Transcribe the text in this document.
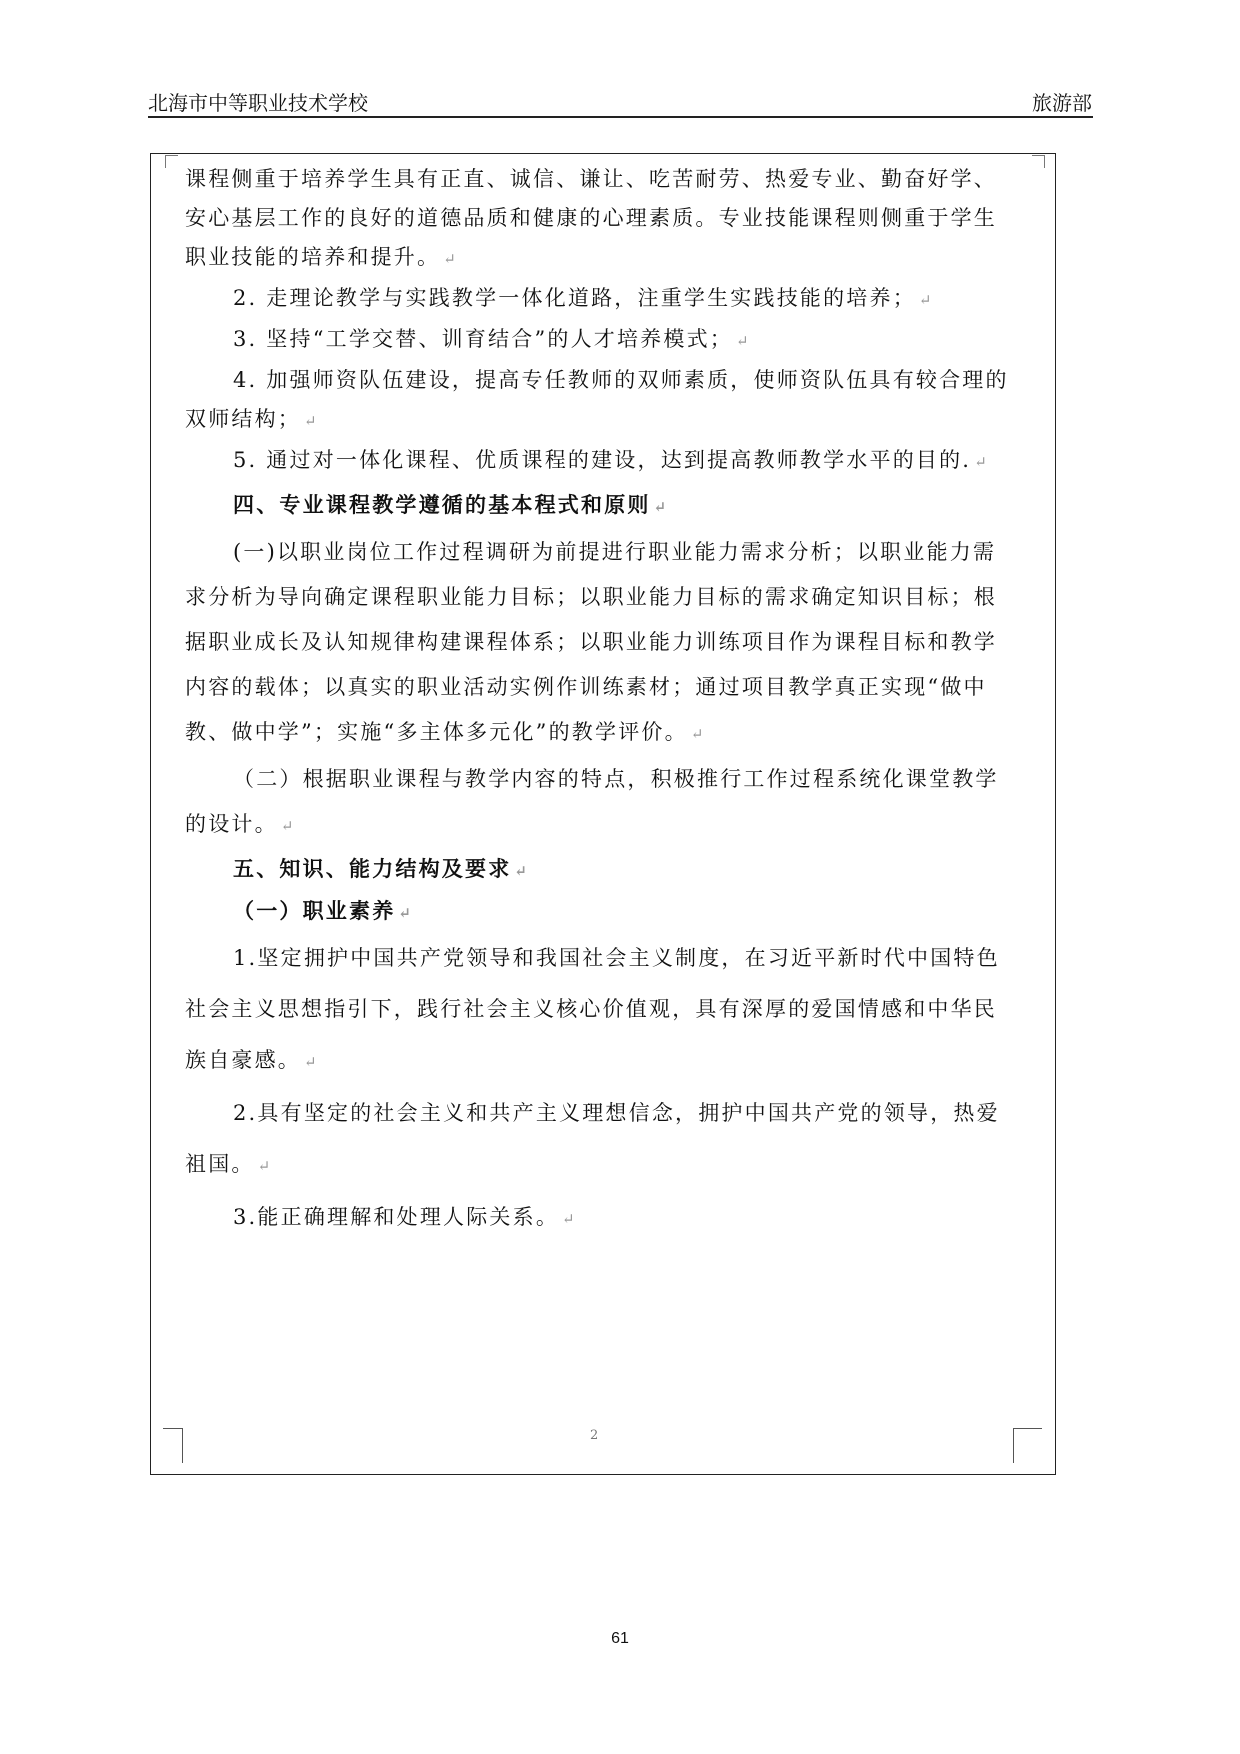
北海市中等职业技术学校	旅游部

课程侧重于培养学生具有正直、诚信、谦让、吃苦耐劳、热爱专业、勤奋好学、安心基层工作的良好的道德品质和健康的心理素质。专业技能课程则侧重于学生职业技能的培养和提升。 ↵

2. 走理论教学与实践教学一体化道路，注重学生实践技能的培养； ↵

3. 坚持“工学交替、训育结合”的人才培养模式； ↵

4. 加强师资队伍建设，提高专任教师的双师素质，使师资队伍具有较合理的双师结构； ↵

5. 通过对一体化课程、优质课程的建设，达到提高教师教学水平的目的. ↵

四、专业课程教学遵循的基本程式和原则 ↵

(一)以职业岗位工作过程调研为前提进行职业能力需求分析；以职业能力需求分析为导向确定课程职业能力目标；以职业能力目标的需求确定知识目标；根据职业成长及认知规律构建课程体系；以职业能力训练项目作为课程目标和教学内容的载体；以真实的职业活动实例作训练素材；通过项目教学真正实现“做中教、做中学”；实施“多主体多元化”的教学评价。 ↵

（二）根据职业课程与教学内容的特点，积极推行工作过程系统化课堂教学的设计。 ↵

五、知识、能力结构及要求 ↵

（一）职业素养 ↵

1.坚定拥护中国共产党领导和我国社会主义制度，在习近平新时代中国特色社会主义思想指引下，践行社会主义核心价值观，具有深厚的爱国情感和中华民族自豪感。 ↵

2.具有坚定的社会主义和共产主义理想信念，拥护中国共产党的领导，热爱祖国。 ↵

3.能正确理解和处理人际关系。 ↵

2
61
